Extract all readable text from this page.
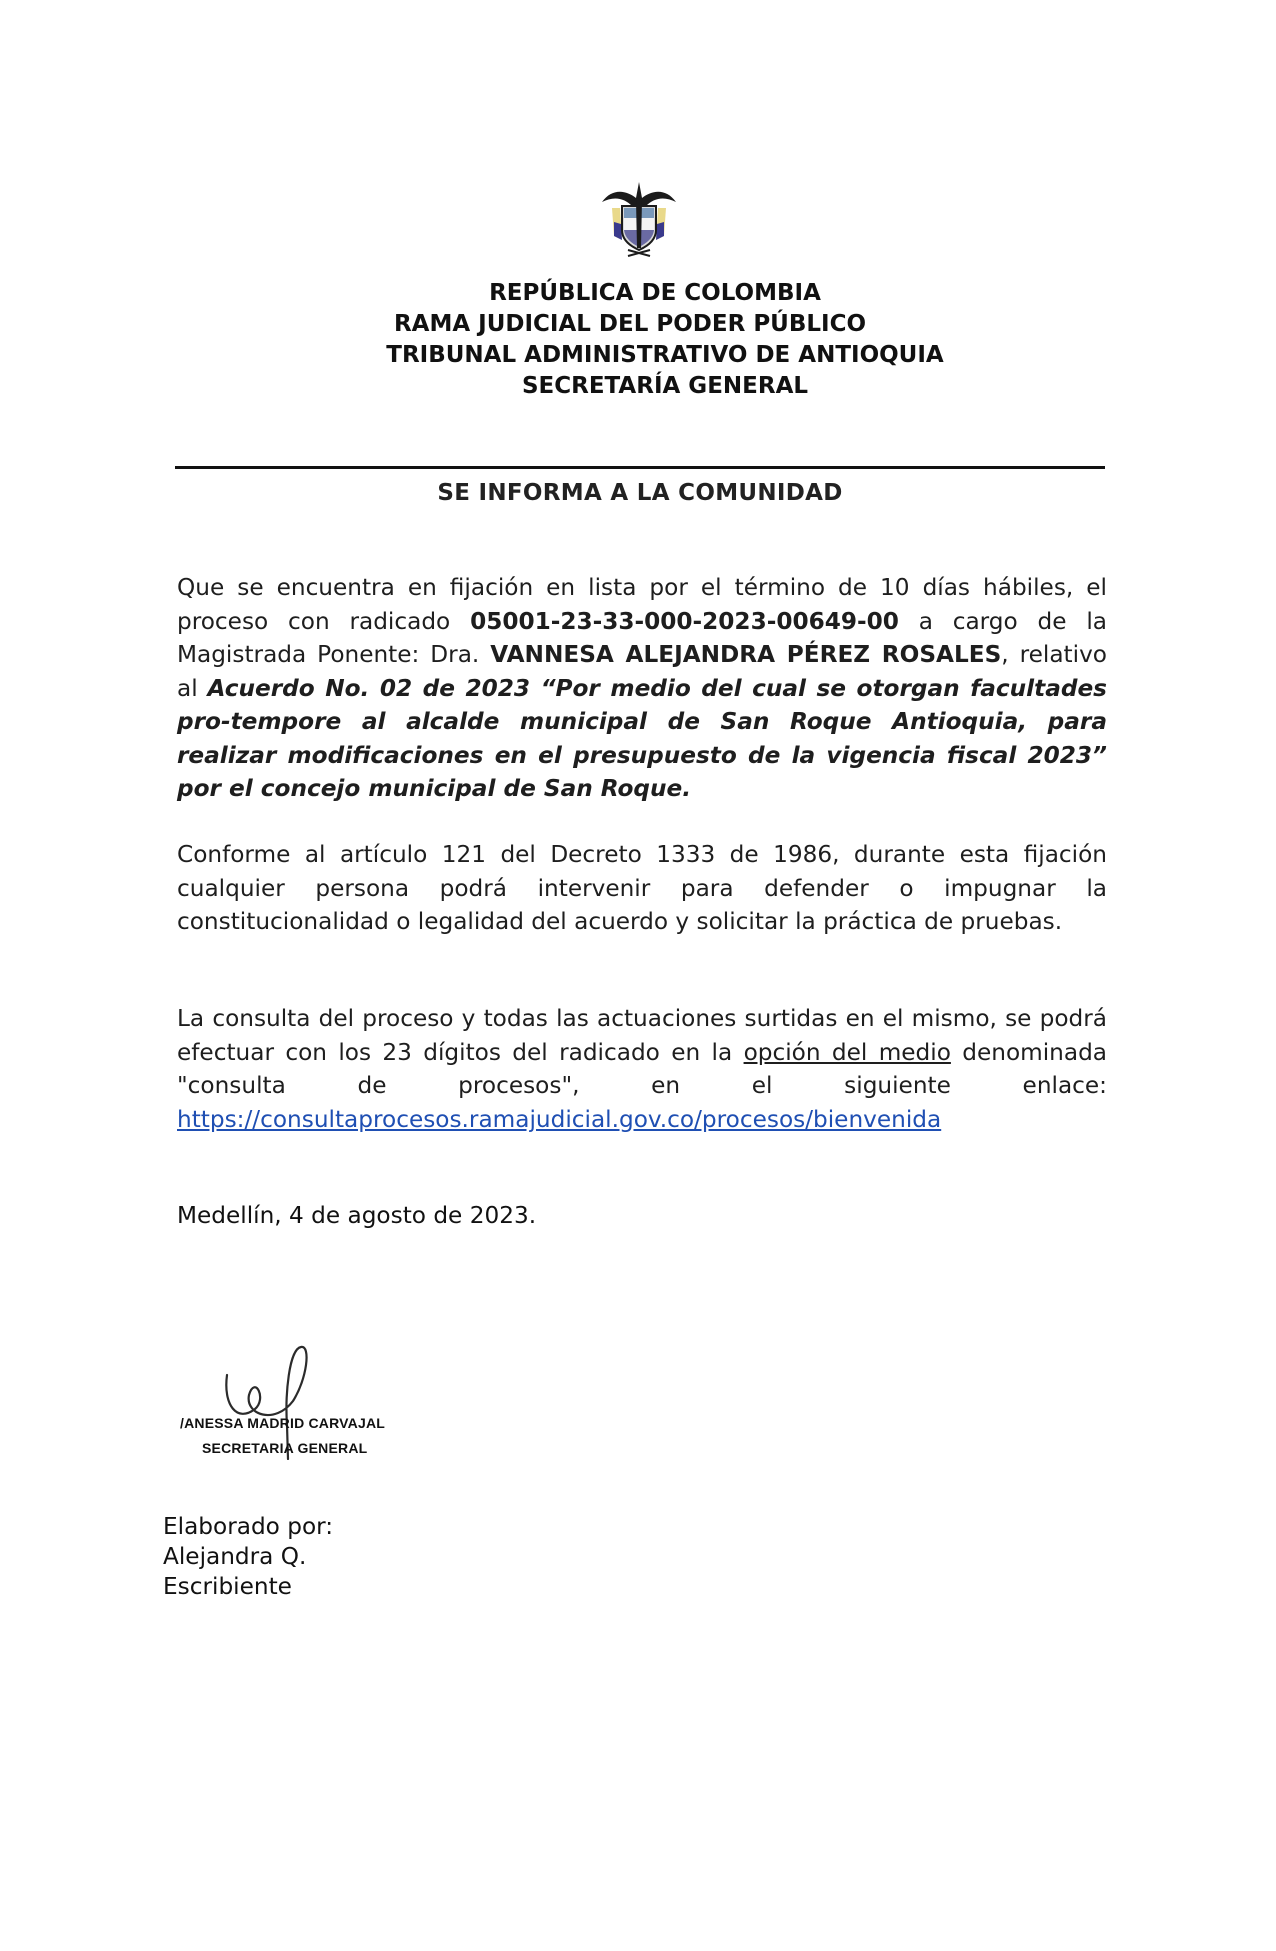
REPÚBLICA DE COLOMBIA
RAMA JUDICIAL DEL PODER PÚBLICO
TRIBUNAL ADMINISTRATIVO DE ANTIOQUIA
SECRETARÍA GENERAL
SE INFORMA A LA COMUNIDAD
Que se encuentra en fijación en lista por el término de 10 días hábiles, el proceso con radicado 05001-23-33-000-2023-00649-00 a cargo de la Magistrada Ponente: Dra. VANNESA ALEJANDRA PÉREZ ROSALES, relativo al Acuerdo No. 02 de 2023 “Por medio del cual se otorgan facultades pro-tempore al alcalde municipal de San Roque Antioquia, para realizar modificaciones en el presupuesto de la vigencia fiscal 2023” por el concejo municipal de San Roque.
Conforme al artículo 121 del Decreto 1333 de 1986, durante esta fijación cualquier persona podrá intervenir para defender o impugnar la constitucionalidad o legalidad del acuerdo y solicitar la práctica de pruebas.
La consulta del proceso y todas las actuaciones surtidas en el mismo, se podrá efectuar con los 23 dígitos del radicado en la opción del medio denominada "consulta de procesos", en el siguiente enlace: https://consultaprocesos.ramajudicial.gov.co/procesos/bienvenida
Medellín, 4 de agosto de 2023.
/ANESSA MADRID CARVAJAL
SECRETARIA GENERAL
Elaborado por:
Alejandra Q.
Escribiente
